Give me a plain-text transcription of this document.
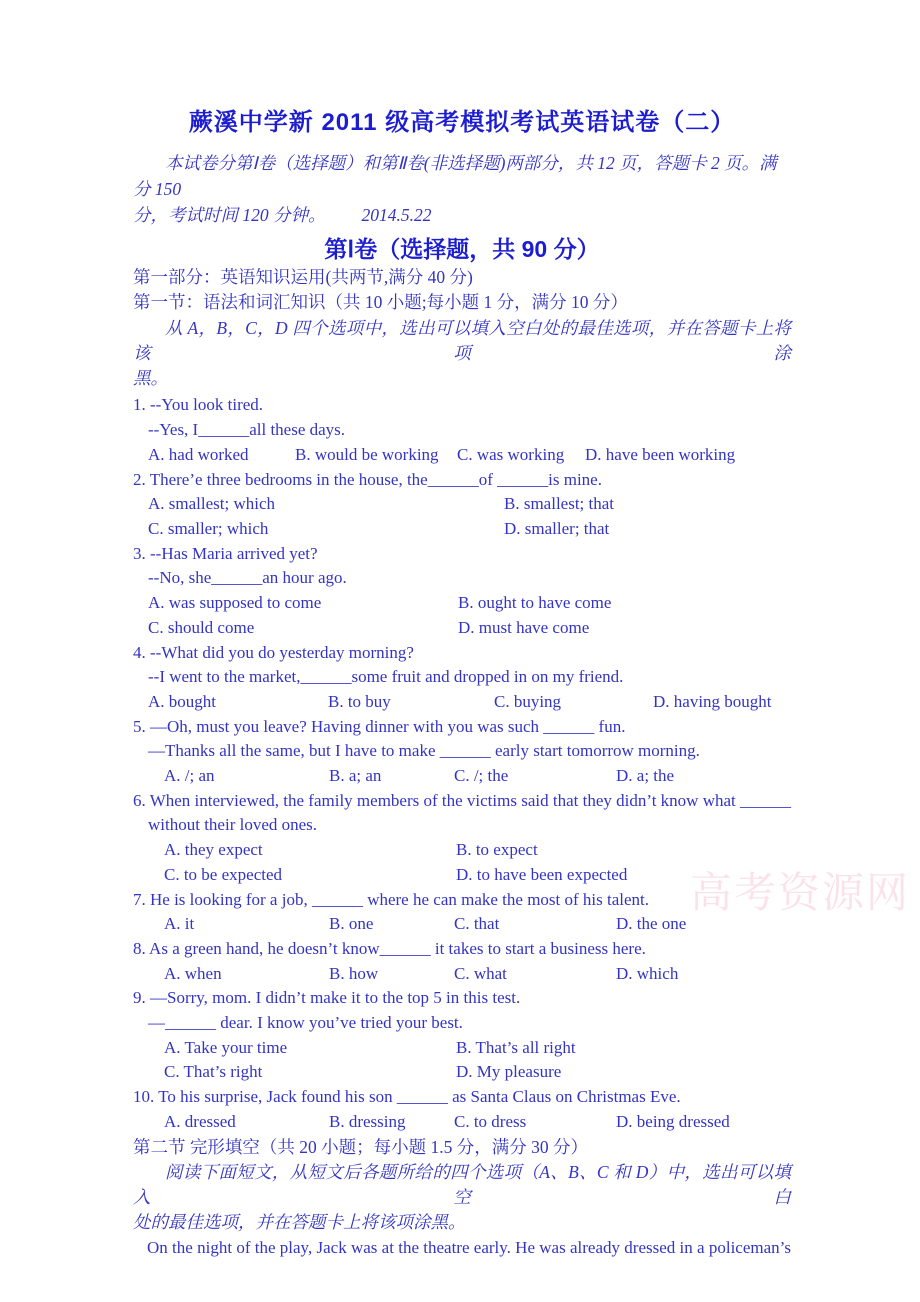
蕨溪中学新 2011 级高考模拟考试英语试卷（二）
本试卷分第Ⅰ卷（选择题）和第Ⅱ卷(非选择题)两部分，共 12 页，答题卡 2 页。满分 150
分，考试时间 120 分钟。 2014.5.22
第Ⅰ卷（选择题，共 90 分）
第一部分：英语知识运用(共两节,满分 40 分)
第一节：语法和词汇知识（共 10 小题;每小题 1 分，满分 10 分）
从 A，B，C，D 四个选项中，选出可以填入空白处的最佳选项，并在答题卡上将该项涂
黑。
1. --You look tired.
--Yes, I______all these days.
A. had worked	B. would be working	C. was working	D. have been working
2. There’e three bedrooms in the house, the______of ______is mine.
A. smallest; which	B. smallest; that
C. smaller; which	D. smaller; that
3. --Has Maria arrived yet?
--No, she______an hour ago.
A. was supposed to come	B. ought to have come
C. should come	D. must have come
4. --What did you do yesterday morning?
--I went to the market,______some fruit and dropped in on my friend.
A. bought	B. to buy	C. buying	D. having bought
5. —Oh, must you leave? Having dinner with you was such ______ fun.
—Thanks all the same, but I have to make ______ early start tomorrow morning.
A. /; an	B. a; an	C. /; the	D. a; the
6. When interviewed, the family members of the victims said that they didn’t know what ______
without their loved ones.
A. they expect	B. to expect
C. to be expected	D. to have been expected
7. He is looking for a job, ______ where he can make the most of his talent.
A. it	B. one	C. that	D. the one
8. As a green hand, he doesn’t know______ it takes to start a business here.
A. when	B. how	C. what	D. which
9. —Sorry, mom. I didn’t make it to the top 5 in this test.
—______ dear. I know you’ve tried your best.
A. Take your time	B. That’s all right
C. That’s right	D. My pleasure
10. To his surprise, Jack found his son ______ as Santa Claus on Christmas Eve.
A. dressed	B. dressing	C. to dress	D. being dressed
第二节 完形填空（共 20 小题；每小题 1.5 分，满分 30 分）
阅读下面短文，从短文后各题所给的四个选项（A、B、C 和 D）中，选出可以填入空白
处的最佳选项，并在答题卡上将该项涂黑。
On the night of the play, Jack was at the theatre early. He was already dressed in a policeman’s
高考资源网
